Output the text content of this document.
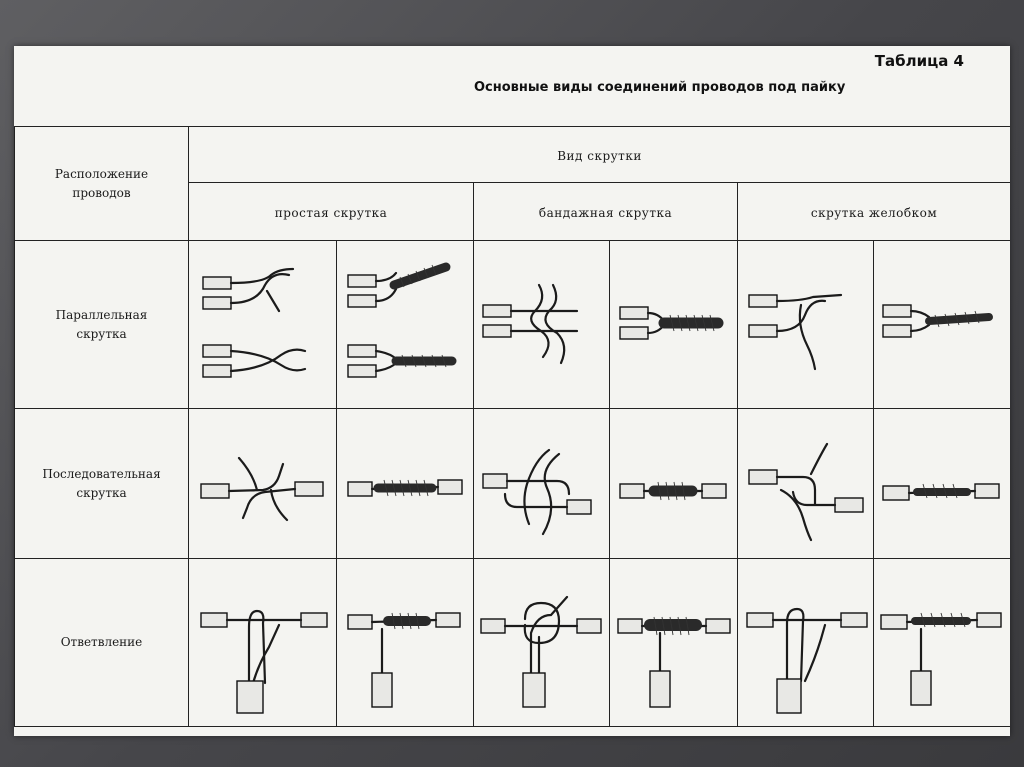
Таблица 4
Основные виды соединений проводов под пайку
Расположение проводов	Вид скрутки					
	простая скрутка		бандажная скрутка		скрутка желобком	

Параллельная скрутка

Последовательная скрутка

Ответвление
